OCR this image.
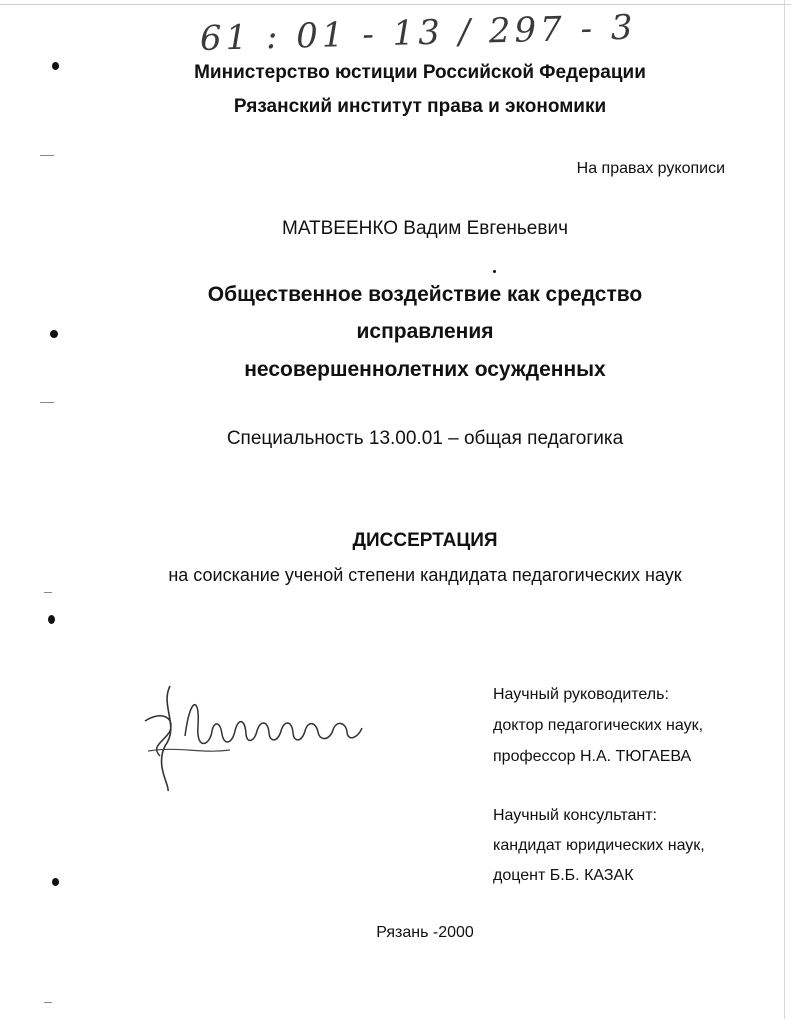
61 : 01 - 13 / 297 - 3
Министерство юстиции Российской Федерации
Рязанский институт права и экономики
На правах рукописи
МАТВЕЕНКО Вадим Евгеньевич
Общественное воздействие как средство
исправления
несовершеннолетних осужденных
Специальность 13.00.01 – общая педагогика
ДИССЕРТАЦИЯ
на соискание ученой степени кандидата педагогических наук
Научный руководитель:
доктор педагогических наук,
профессор Н.А. ТЮГАЕВА
Научный консультант:
кандидат юридических наук,
доцент Б.Б. КАЗАК
Рязань -2000
